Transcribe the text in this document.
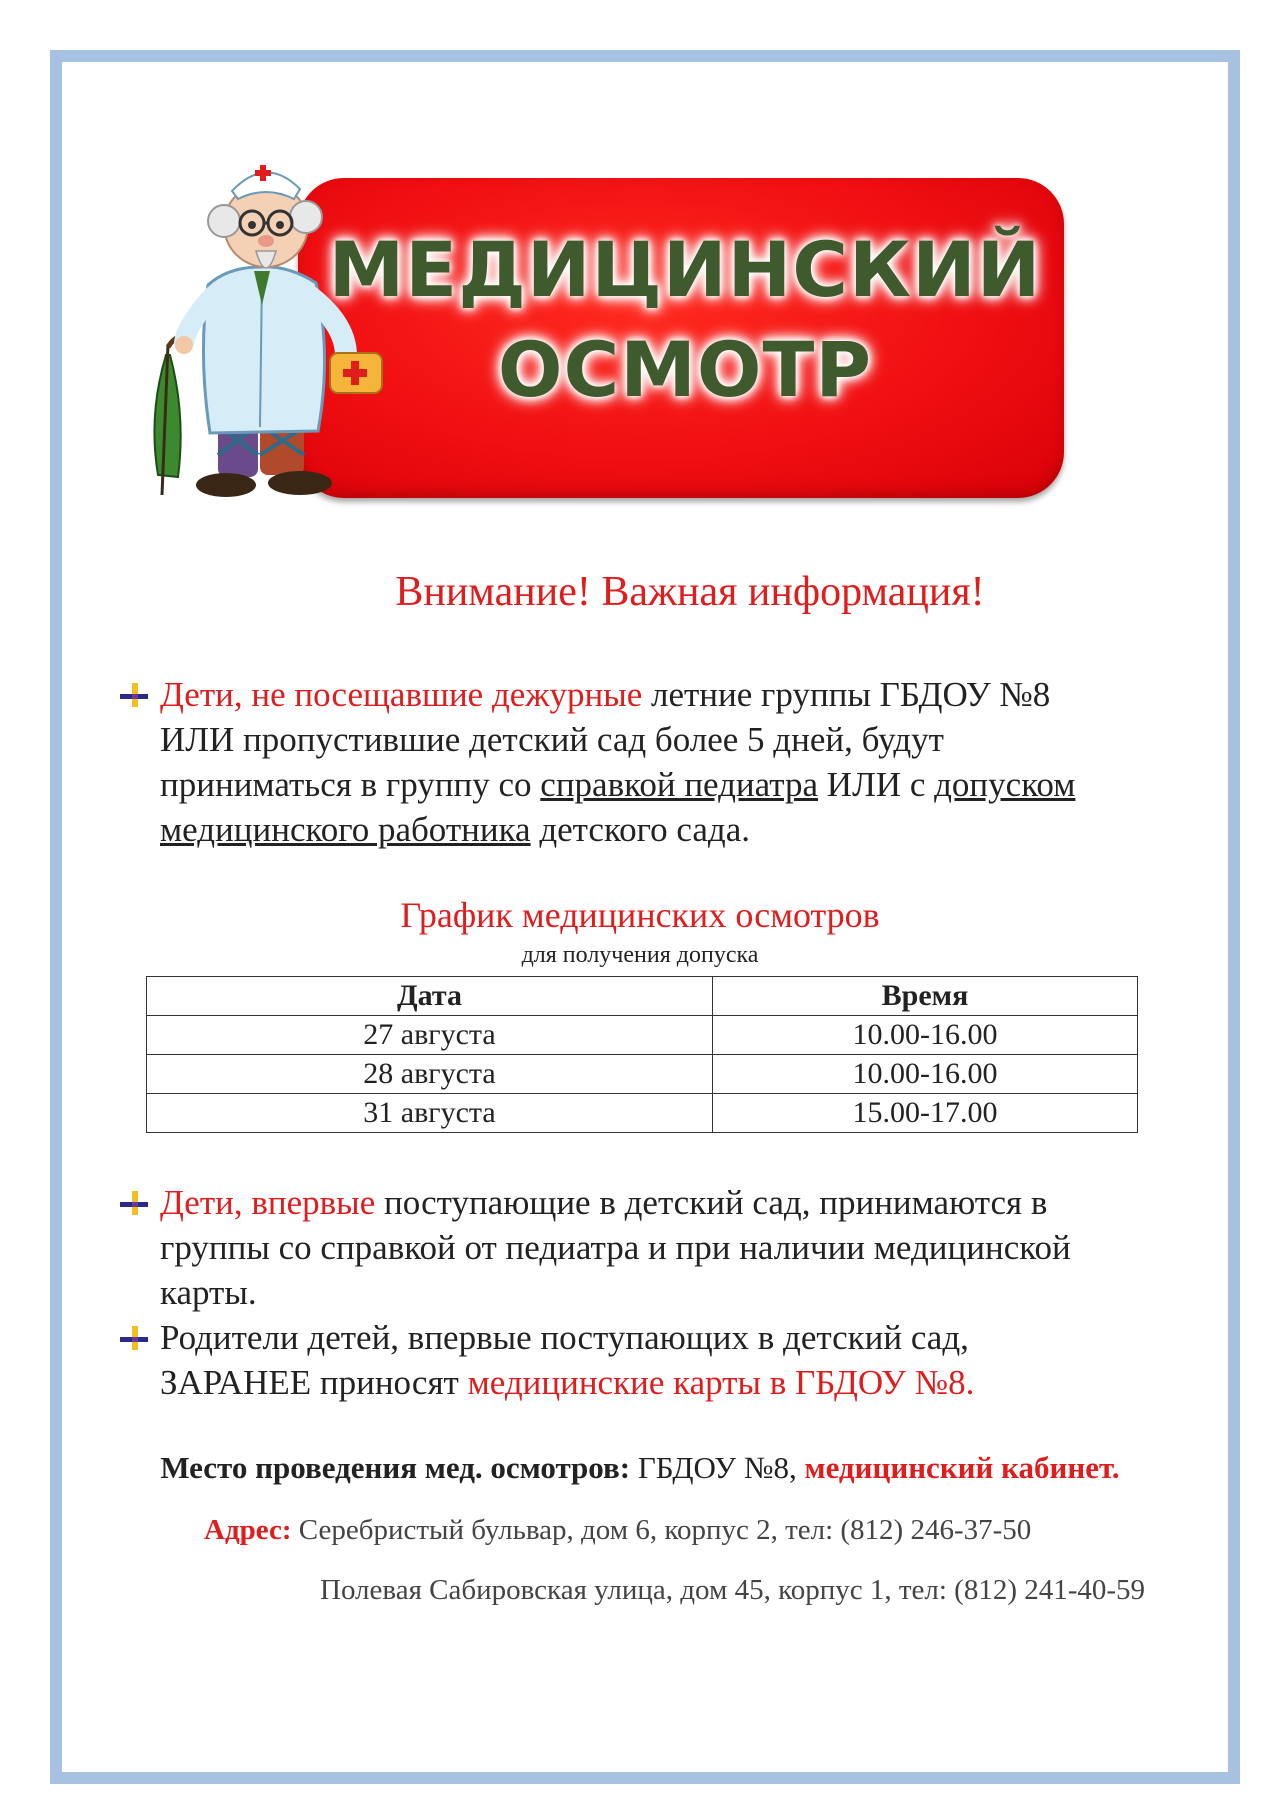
МЕДИЦИНСКИЙ
ОСМОТР
Внимание! Важная информация!
Дети, не посещавшие дежурные летние группы ГБДОУ №8
ИЛИ пропустившие детский сад более 5 дней, будут
приниматься в группу со справкой педиатра ИЛИ с допуском
медицинского работника детского сада.
График медицинских осмотров
для получения допуска
Дата	Время
27 августа	10.00-16.00
28 августа	10.00-16.00
31 августа	15.00-17.00
Дети, впервые поступающие в детский сад, принимаются в
группы со справкой от педиатра и при наличии медицинской
карты.
Родители детей, впервые поступающих в детский сад,
ЗАРАНЕЕ приносят медицинские карты в ГБДОУ №8.
Место проведения мед. осмотров: ГБДОУ №8, медицинский кабинет.
Адрес: Серебристый бульвар, дом 6, корпус 2, тел: (812) 246-37-50
Полевая Сабировская улица, дом 45, корпус 1, тел: (812) 241-40-59
